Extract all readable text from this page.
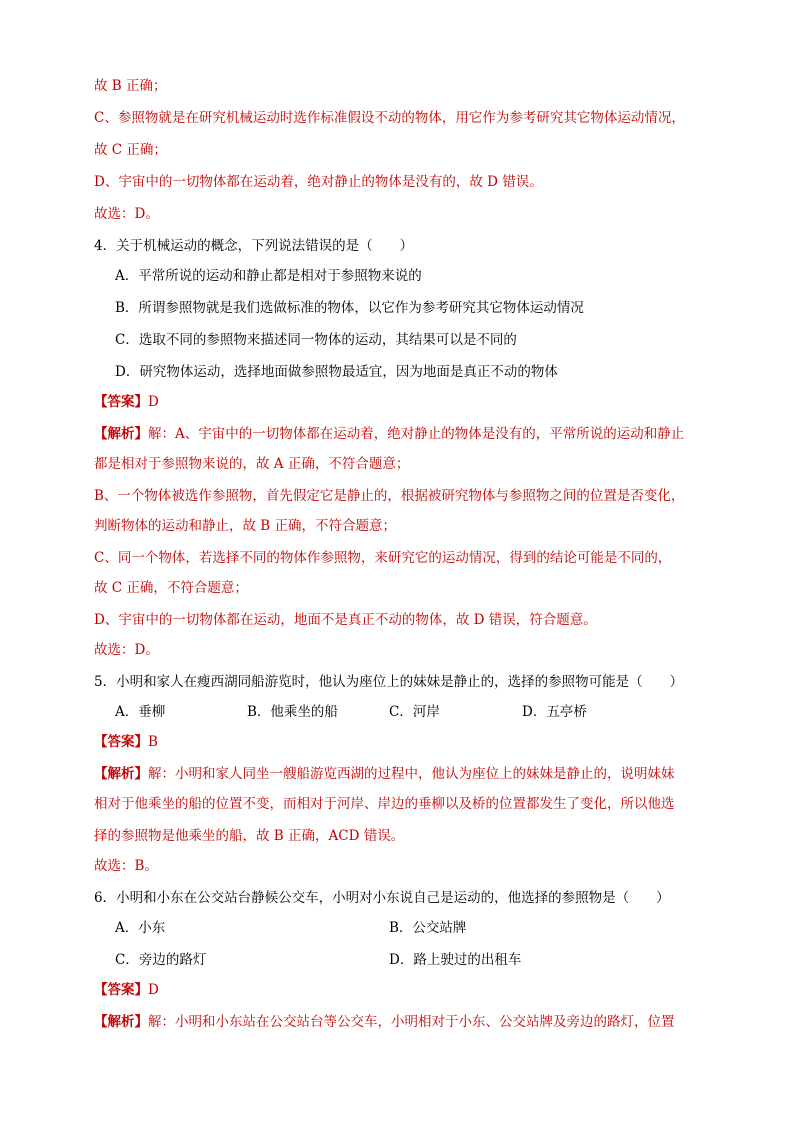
故 B 正确；
C、参照物就是在研究机械运动时选作标准假设不动的物体，用它作为参考研究其它物体运动情况，
故 C 正确；
D、宇宙中的一切物体都在运动着，绝对静止的物体是没有的，故 D 错误。
故选：D。
4．关于机械运动的概念，下列说法错误的是（　　）
A．平常所说的运动和静止都是相对于参照物来说的
B．所谓参照物就是我们选做标准的物体，以它作为参考研究其它物体运动情况
C．选取不同的参照物来描述同一物体的运动，其结果可以是不同的
D．研究物体运动，选择地面做参照物最适宜，因为地面是真正不动的物体
【答案】D
【解析】解：A、宇宙中的一切物体都在运动着，绝对静止的物体是没有的，平常所说的运动和静止
都是相对于参照物来说的，故 A 正确，不符合题意；
B、一个物体被选作参照物，首先假定它是静止的，根据被研究物体与参照物之间的位置是否变化，
判断物体的运动和静止，故 B 正确，不符合题意；
C、同一个物体，若选择不同的物体作参照物，来研究它的运动情况，得到的结论可能是不同的，
故 C 正确，不符合题意；
D、宇宙中的一切物体都在运动，地面不是真正不动的物体，故 D 错误，符合题意。
故选：D。
5．小明和家人在瘦西湖同船游览时，他认为座位上的妹妹是静止的，选择的参照物可能是（　　）
A．垂柳	B．他乘坐的船	C．河岸	D．五亭桥
【答案】B
【解析】解：小明和家人同坐一艘船游览西湖的过程中，他认为座位上的妹妹是静止的，说明妹妹
相对于他乘坐的船的位置不变，而相对于河岸、岸边的垂柳以及桥的位置都发生了变化，所以他选
择的参照物是他乘坐的船，故 B 正确，ACD 错误。
故选：B。
6．小明和小东在公交站台静候公交车，小明对小东说自己是运动的，他选择的参照物是（　　）
A．小东	B．公交站牌
C．旁边的路灯	D．路上驶过的出租车
【答案】D
【解析】解：小明和小东站在公交站台等公交车，小明相对于小东、公交站牌及旁边的路灯，位置
